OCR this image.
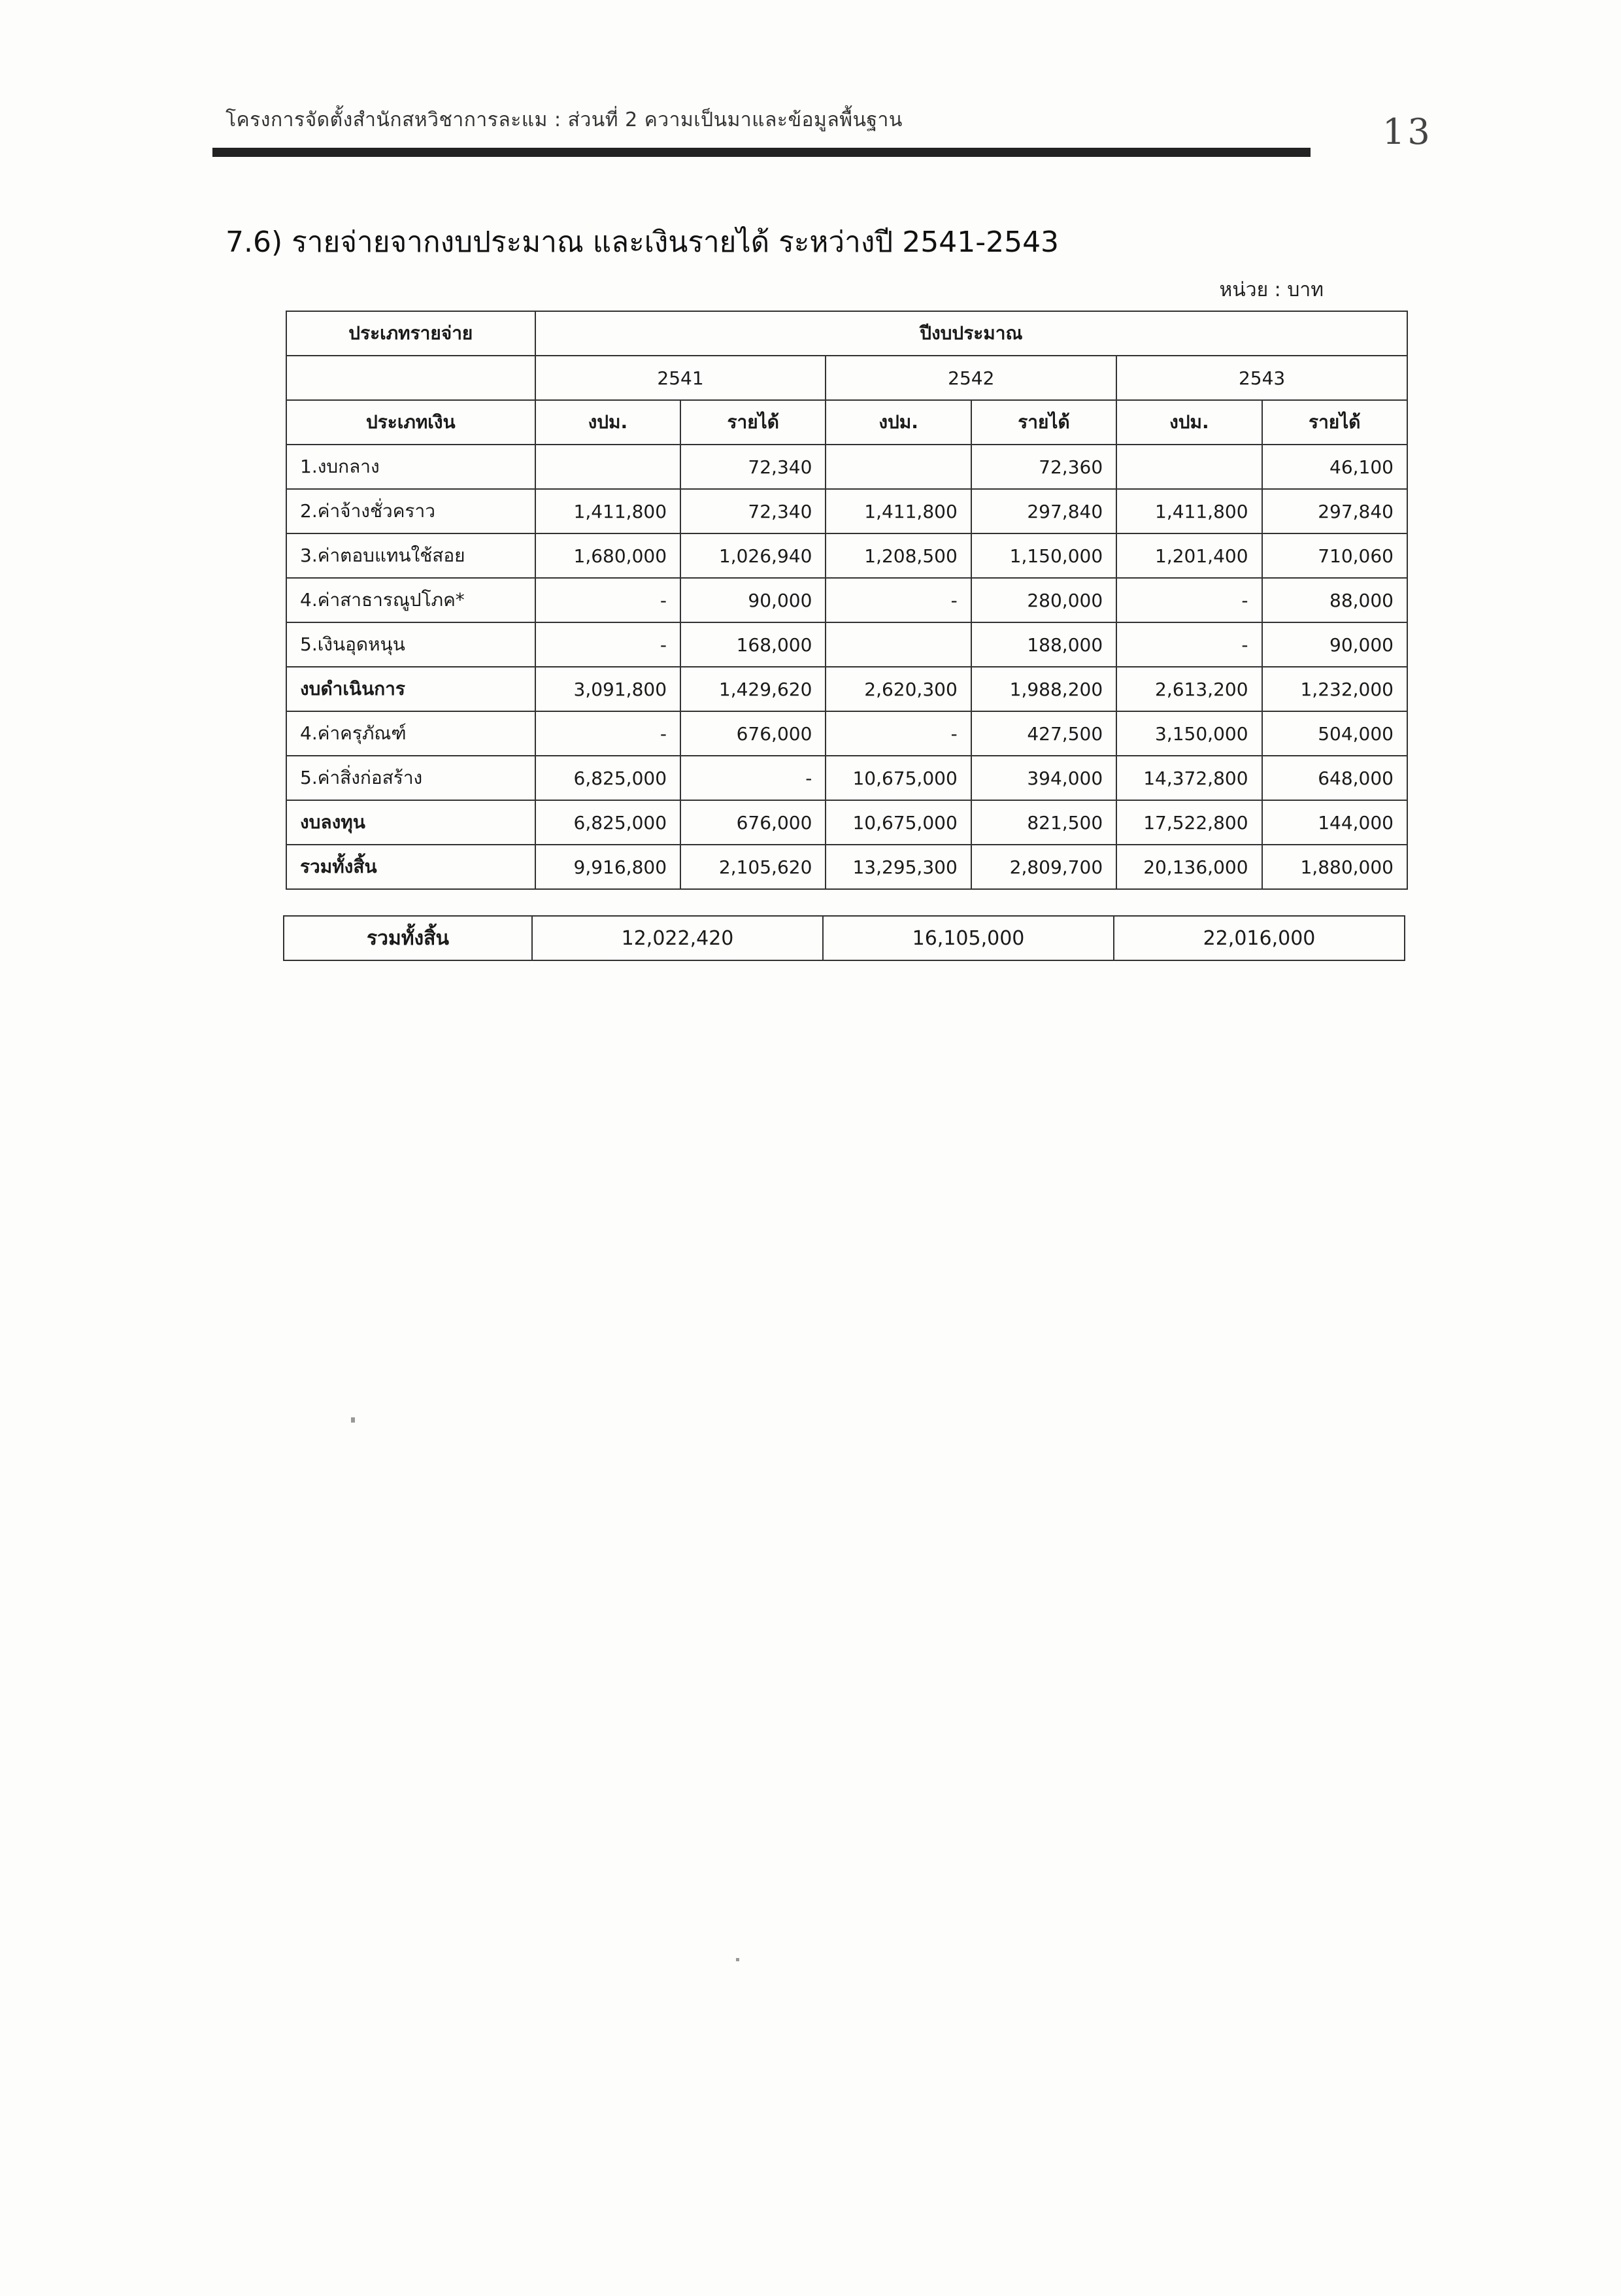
โครงการจัดตั้งสำนักสหวิชาการละแม : ส่วนที่ 2 ความเป็นมาและข้อมูลพื้นฐาน	13
7.6) รายจ่ายจากงบประมาณ และเงินรายได้ ระหว่างปี 2541-2543
หน่วย : บาท
ประเภทรายจ่าย	ปีงบประมาณ					
	2541		2542		2543	
ประเภทเงิน	งปม.	รายได้	งปม.	รายได้	งปม.	รายได้
1.งบกลาง		72,340		72,360		46,100
2.ค่าจ้างชั่วคราว	1,411,800	72,340	1,411,800	297,840	1,411,800	297,840
3.ค่าตอบแทนใช้สอย	1,680,000	1,026,940	1,208,500	1,150,000	1,201,400	710,060
4.ค่าสาธารณูปโภค*	-	90,000	-	280,000	-	88,000
5.เงินอุดหนุน	-	168,000		188,000	-	90,000
งบดำเนินการ	3,091,800	1,429,620	2,620,300	1,988,200	2,613,200	1,232,000
4.ค่าครุภัณฑ์	-	676,000	-	427,500	3,150,000	504,000
5.ค่าสิ่งก่อสร้าง	6,825,000	-	10,675,000	394,000	14,372,800	648,000
งบลงทุน	6,825,000	676,000	10,675,000	821,500	17,522,800	144,000
รวมทั้งสิ้น	9,916,800	2,105,620	13,295,300	2,809,700	20,136,000	1,880,000
รวมทั้งสิ้น	12,022,420	16,105,000	22,016,000
